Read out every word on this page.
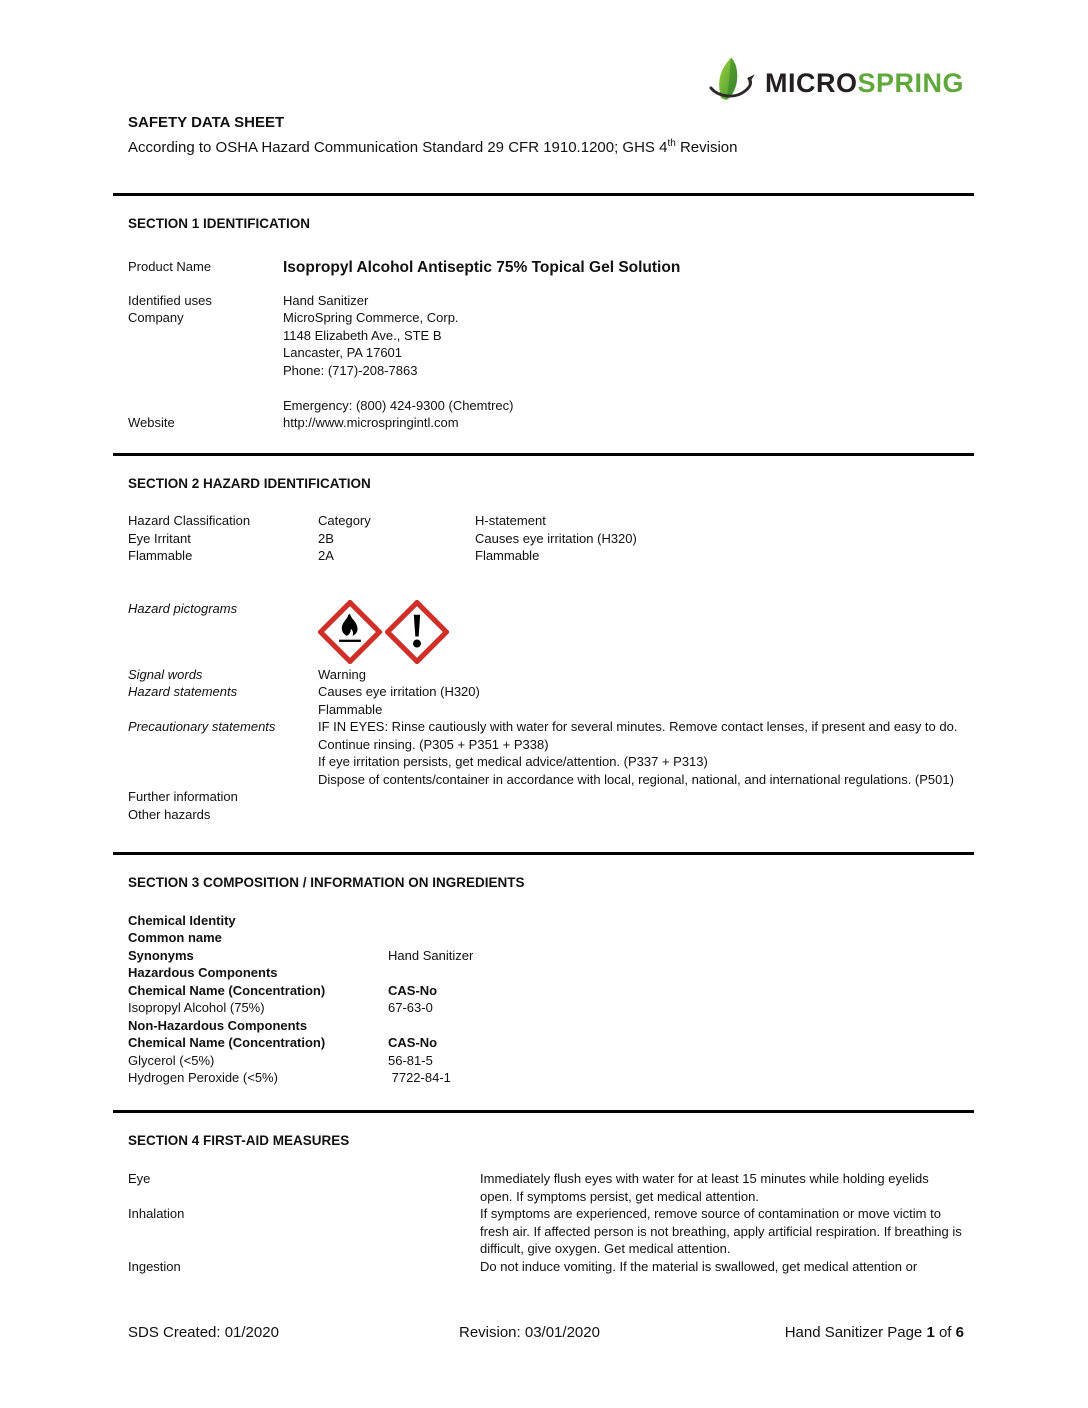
MICROSPRING
SAFETY DATA SHEET
According to OSHA Hazard Communication Standard 29 CFR 1910.1200; GHS 4th Revision
SECTION 1 IDENTIFICATION
Product Name	Isopropyl Alcohol Antiseptic 75% Topical Gel Solution
Identified uses	Hand Sanitizer
Company	MicroSpring Commerce, Corp.
1148 Elizabeth Ave., STE B
Lancaster, PA 17601
Phone: (717)-208-7863
Emergency: (800) 424-9300 (Chemtrec)
Website	http://www.microspringintl.com
SECTION 2 HAZARD IDENTIFICATION
Hazard Classification	Category	H-statement
Eye Irritant	2B	Causes eye irritation (H320)
Flammable	2A	Flammable
Hazard pictograms
Signal words	Warning
Hazard statements	Causes eye irritation (H320)
Flammable
Precautionary statements	IF IN EYES: Rinse cautiously with water for several minutes. Remove contact lenses, if present and easy to do.
Continue rinsing. (P305 + P351 + P338)
If eye irritation persists, get medical advice/attention. (P337 + P313)
Dispose of contents/container in accordance with local, regional, national, and international regulations. (P501)
Further information
Other hazards
SECTION 3 COMPOSITION / INFORMATION ON INGREDIENTS
Chemical Identity
Common name
Synonyms	Hand Sanitizer
Hazardous Components
Chemical Name (Concentration)	CAS-No
Isopropyl Alcohol (75%)	67-63-0
Non-Hazardous Components
Chemical Name (Concentration)	CAS-No
Glycerol (<5%)	56-81-5
Hydrogen Peroxide (<5%)	7722-84-1
SECTION 4 FIRST-AID MEASURES
Eye	Immediately flush eyes with water for at least 15 minutes while holding eyelids open. If symptoms persist, get medical attention.
Inhalation	If symptoms are experienced, remove source of contamination or move victim to fresh air. If affected person is not breathing, apply artificial respiration. If breathing is difficult, give oxygen. Get medical attention.
Ingestion	Do not induce vomiting. If the material is swallowed, get medical attention or
SDS Created: 01/2020	Revision: 03/01/2020	Hand Sanitizer Page 1 of 6
